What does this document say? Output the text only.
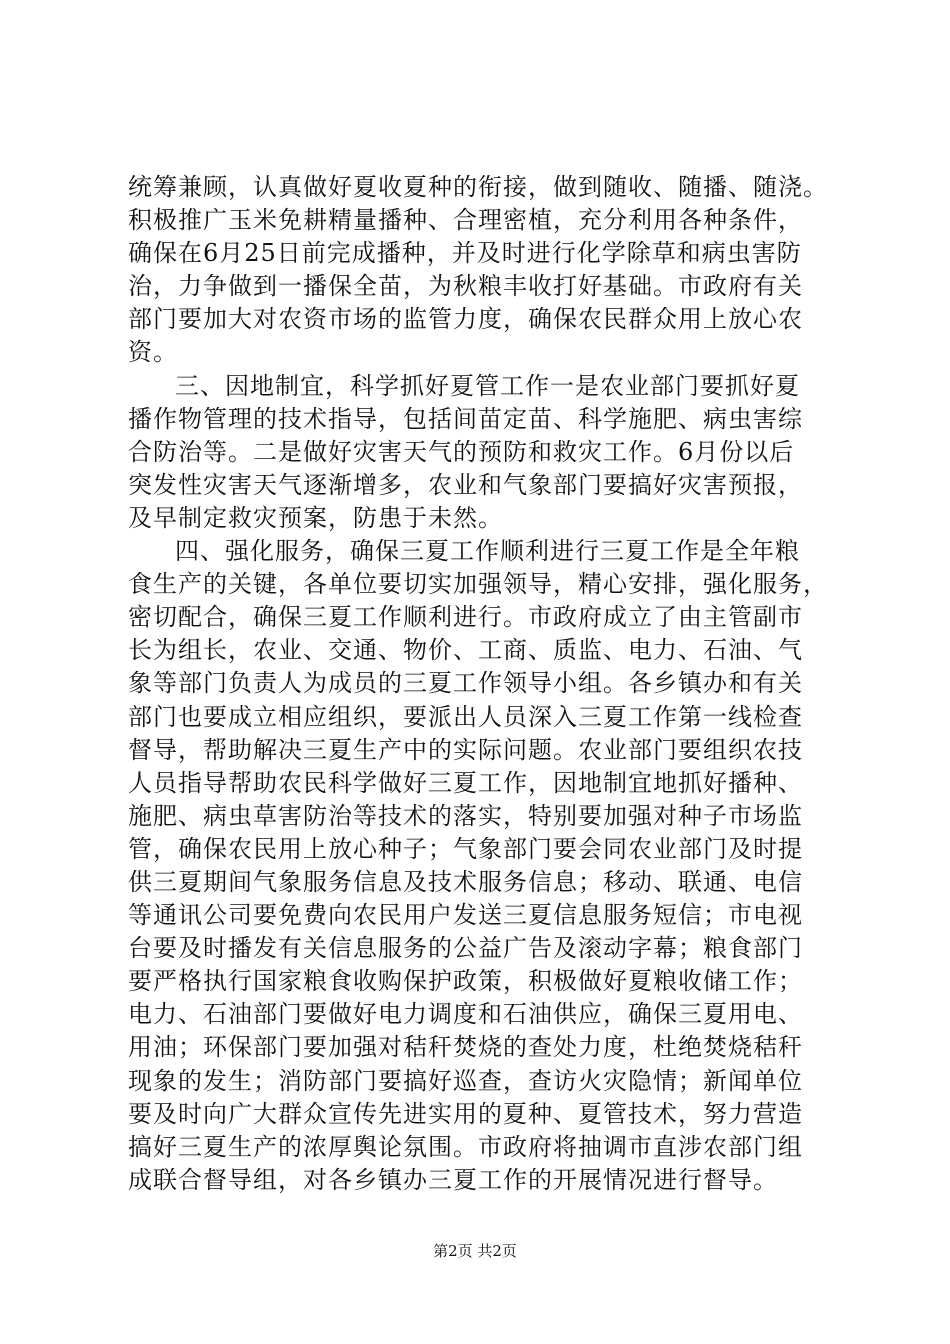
统筹兼顾，认真做好夏收夏种的衔接，做到随收、随播、随浇。
积极推广玉米免耕精量播种、合理密植，充分利用各种条件，
确保在6月25日前完成播种，并及时进行化学除草和病虫害防
治，力争做到一播保全苗，为秋粮丰收打好基础。市政府有关
部门要加大对农资市场的监管力度，确保农民群众用上放心农
资。
三、因地制宜，科学抓好夏管工作一是农业部门要抓好夏
播作物管理的技术指导，包括间苗定苗、科学施肥、病虫害综
合防治等。二是做好灾害天气的预防和救灾工作。6月份以后
突发性灾害天气逐渐增多，农业和气象部门要搞好灾害预报，
及早制定救灾预案，防患于未然。
四、强化服务，确保三夏工作顺利进行三夏工作是全年粮
食生产的关键，各单位要切实加强领导，精心安排，强化服务，
密切配合，确保三夏工作顺利进行。市政府成立了由主管副市
长为组长，农业、交通、物价、工商、质监、电力、石油、气
象等部门负责人为成员的三夏工作领导小组。各乡镇办和有关
部门也要成立相应组织，要派出人员深入三夏工作第一线检查
督导，帮助解决三夏生产中的实际问题。农业部门要组织农技
人员指导帮助农民科学做好三夏工作，因地制宜地抓好播种、
施肥、病虫草害防治等技术的落实，特别要加强对种子市场监
管，确保农民用上放心种子；气象部门要会同农业部门及时提
供三夏期间气象服务信息及技术服务信息；移动、联通、电信
等通讯公司要免费向农民用户发送三夏信息服务短信；市电视
台要及时播发有关信息服务的公益广告及滚动字幕；粮食部门
要严格执行国家粮食收购保护政策，积极做好夏粮收储工作；
电力、石油部门要做好电力调度和石油供应，确保三夏用电、
用油；环保部门要加强对秸秆焚烧的查处力度，杜绝焚烧秸秆
现象的发生；消防部门要搞好巡查，查访火灾隐情；新闻单位
要及时向广大群众宣传先进实用的夏种、夏管技术，努力营造
搞好三夏生产的浓厚舆论氛围。市政府将抽调市直涉农部门组
成联合督导组，对各乡镇办三夏工作的开展情况进行督导。
第2页 共2页
